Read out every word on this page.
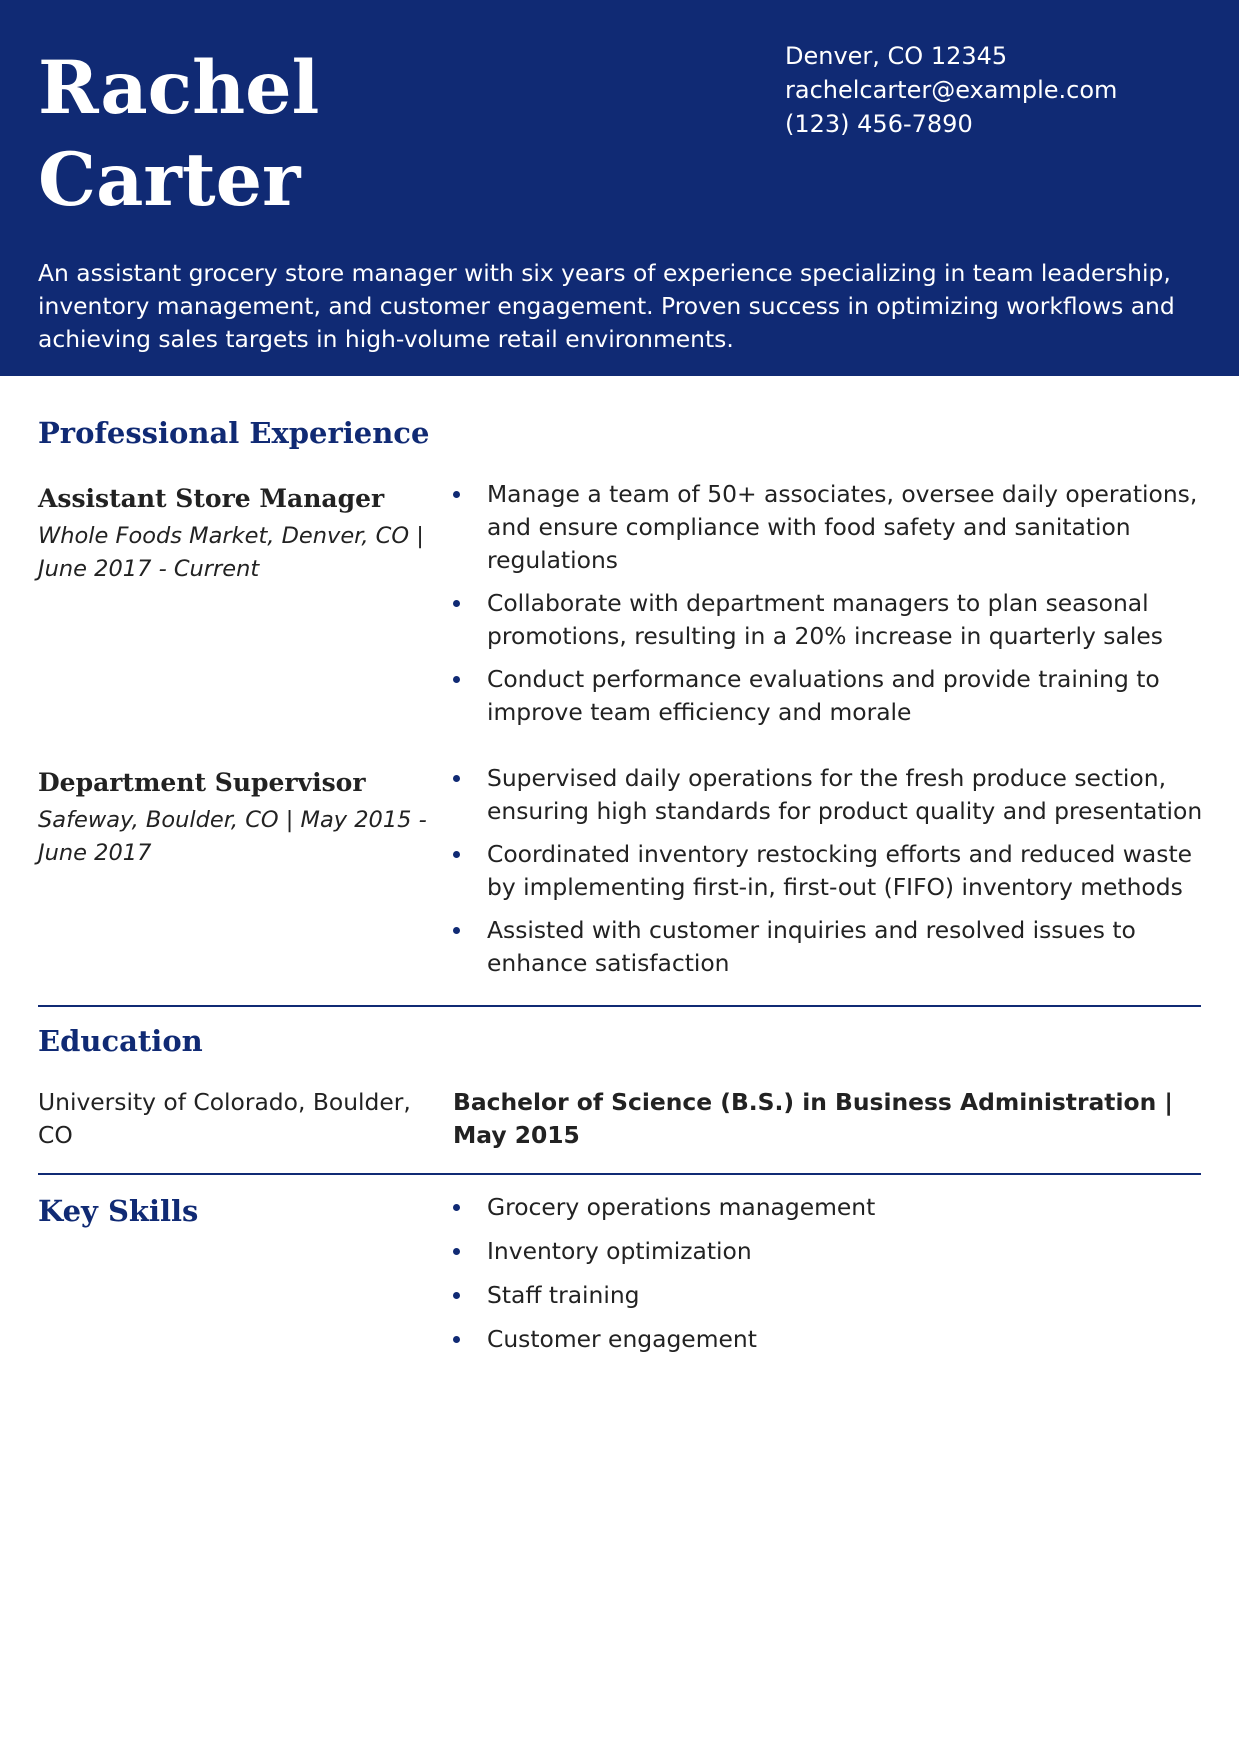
Rachel
Carter
Denver, CO 12345
rachelcarter@example.com
(123) 456-7890

An assistant grocery store manager with six years of experience specializing in team leadership, inventory management, and customer engagement. Proven success in optimizing workflows and achieving sales targets in high-volume retail environments.

Professional Experience
Assistant Store Manager

Whole Foods Market, Denver, CO | June 2017 - Current

Manage a team of 50+ associates, oversee daily operations, and ensure compliance with food safety and sanitation regulations
Collaborate with department managers to plan seasonal promotions, resulting in a 20% increase in quarterly sales
Conduct performance evaluations and provide training to improve team efficiency and morale
Department Supervisor

Safeway, Boulder, CO | May 2015 - June 2017

Supervised daily operations for the fresh produce section, ensuring high standards for product quality and presentation
Coordinated inventory restocking efforts and reduced waste by implementing first-in, first-out (FIFO) inventory methods
Assisted with customer inquiries and resolved issues to enhance satisfaction
Education

University of Colorado, Boulder, CO

Bachelor of Science (B.S.) in Business Administration | May 2015

Key Skills	Grocery operations management
Inventory optimization
Staff training
Customer engagement
